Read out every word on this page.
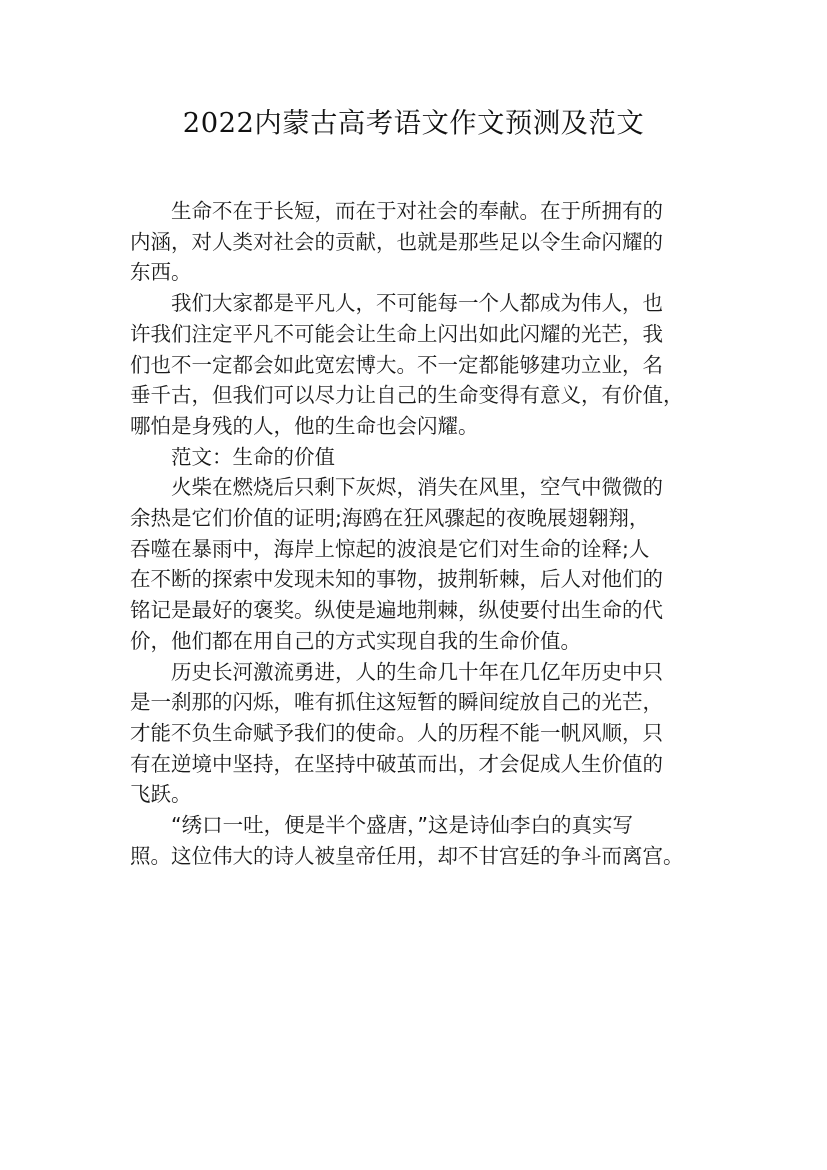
2022内蒙古高考语文作文预测及范文

生命不在于长短，而在于对社会的奉献。在于所拥有的
内涵，对人类对社会的贡献，也就是那些足以令生命闪耀的
东西。

我们大家都是平凡人，不可能每一个人都成为伟人，也
许我们注定平凡不可能会让生命上闪出如此闪耀的光芒，我
们也不一定都会如此宽宏博大。不一定都能够建功立业，名
垂千古，但我们可以尽力让自己的生命变得有意义，有价值，
哪怕是身残的人，他的生命也会闪耀。

范文：生命的价值

火柴在燃烧后只剩下灰烬，消失在风里，空气中微微的
余热是它们价值的证明;海鸥在狂风骤起的夜晚展翅翱翔，
吞噬在暴雨中，海岸上惊起的波浪是它们对生命的诠释;人
在不断的探索中发现未知的事物，披荆斩棘，后人对他们的
铭记是最好的褒奖。纵使是遍地荆棘，纵使要付出生命的代
价，他们都在用自己的方式实现自我的生命价值。

历史长河激流勇进，人的生命几十年在几亿年历史中只
是一刹那的闪烁，唯有抓住这短暂的瞬间绽放自己的光芒，
才能不负生命赋予我们的使命。人的历程不能一帆风顺，只
有在逆境中坚持，在坚持中破茧而出，才会促成人生价值的
飞跃。

“绣口一吐，便是半个盛唐，”这是诗仙李白的真实写
照。这位伟大的诗人被皇帝任用，却不甘宫廷的争斗而离宫。
